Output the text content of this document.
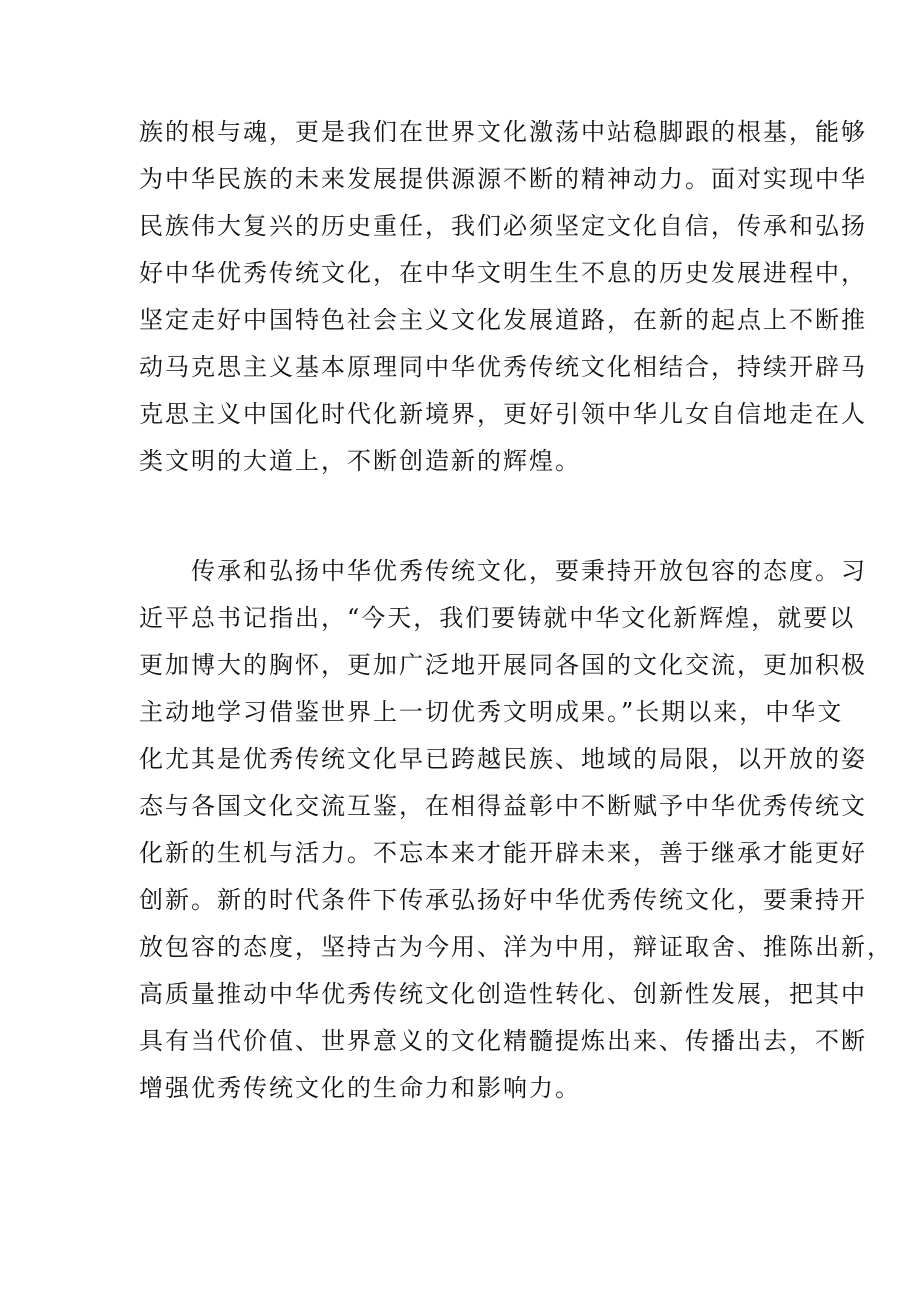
族的根与魂，更是我们在世界文化激荡中站稳脚跟的根基，能够
为中华民族的未来发展提供源源不断的精神动力。面对实现中华
民族伟大复兴的历史重任，我们必须坚定文化自信，传承和弘扬
好中华优秀传统文化，在中华文明生生不息的历史发展进程中，
坚定走好中国特色社会主义文化发展道路，在新的起点上不断推
动马克思主义基本原理同中华优秀传统文化相结合，持续开辟马
克思主义中国化时代化新境界，更好引领中华儿女自信地走在人
类文明的大道上，不断创造新的辉煌。

　　传承和弘扬中华优秀传统文化，要秉持开放包容的态度。习
近平总书记指出，“今天，我们要铸就中华文化新辉煌，就要以
更加博大的胸怀，更加广泛地开展同各国的文化交流，更加积极
主动地学习借鉴世界上一切优秀文明成果。”长期以来，中华文
化尤其是优秀传统文化早已跨越民族、地域的局限，以开放的姿
态与各国文化交流互鉴，在相得益彰中不断赋予中华优秀传统文
化新的生机与活力。不忘本来才能开辟未来，善于继承才能更好
创新。新的时代条件下传承弘扬好中华优秀传统文化，要秉持开
放包容的态度，坚持古为今用、洋为中用，辩证取舍、推陈出新，
高质量推动中华优秀传统文化创造性转化、创新性发展，把其中
具有当代价值、世界意义的文化精髓提炼出来、传播出去，不断
增强优秀传统文化的生命力和影响力。
